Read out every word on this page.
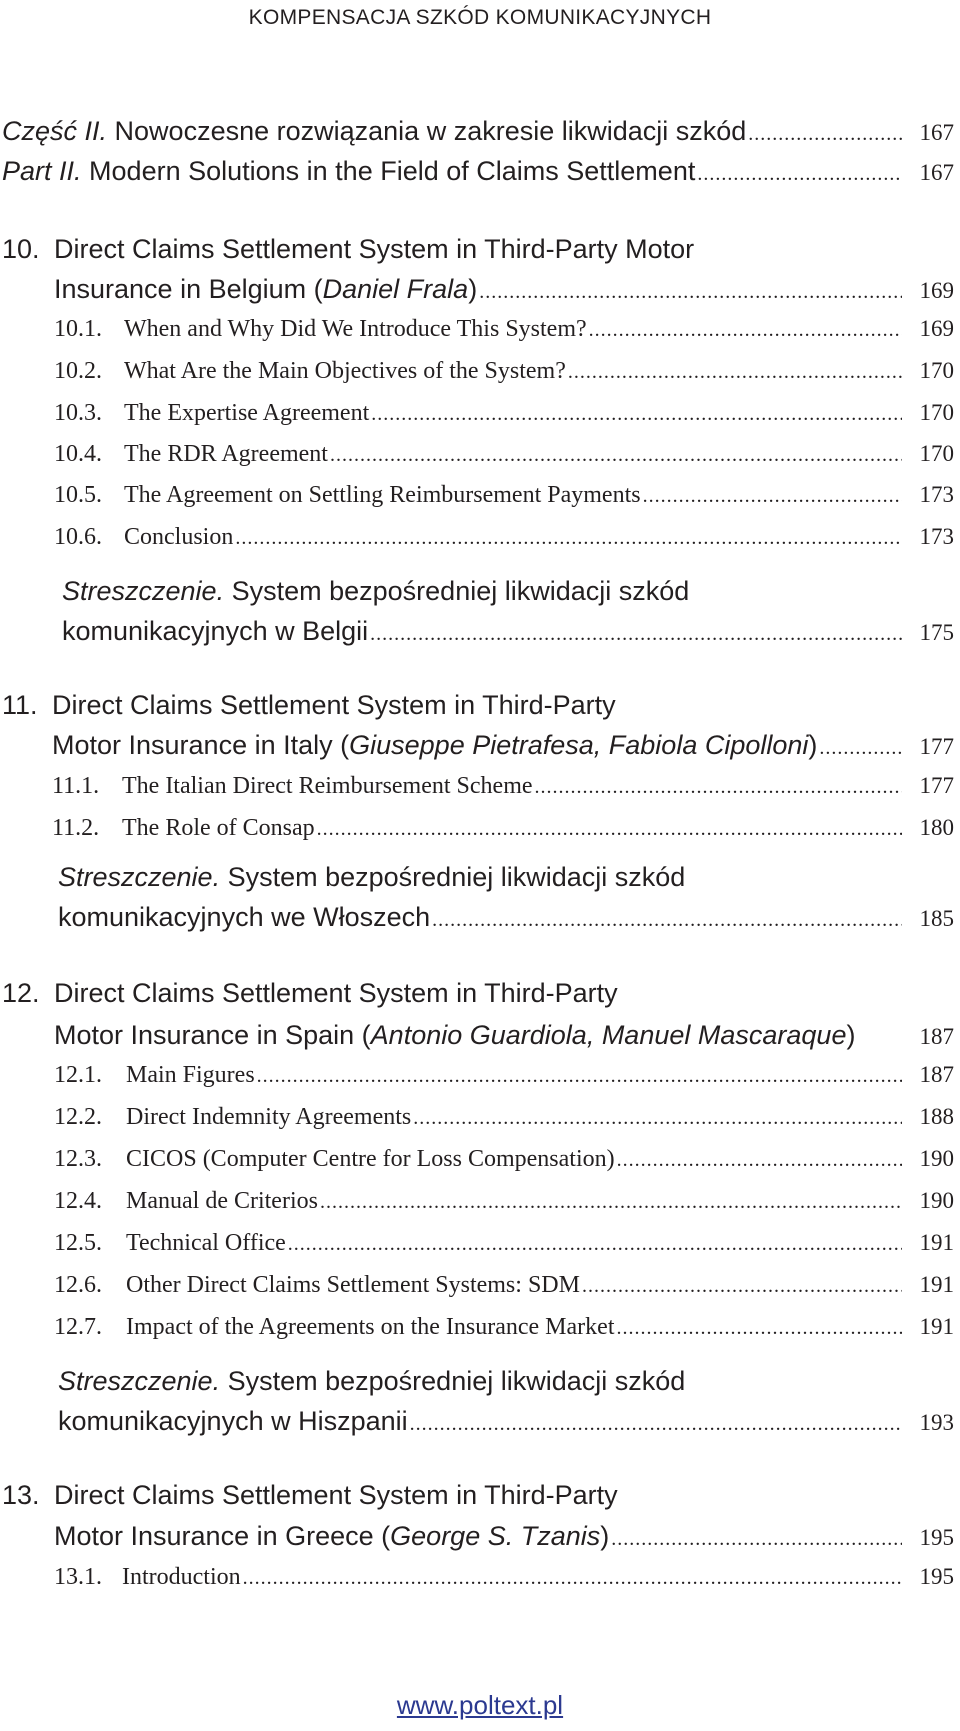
KOMPENSACJA SZKÓD KOMUNIKACYJNYCH
Część II. Nowoczesne rozwiązania w zakresie likwidacji szkód .....	167
Part II. Modern Solutions in the Field of Claims Settlement .....	167
10. Direct Claims Settlement System in Third-Party Motor
Insurance in Belgium (Daniel Frala) .....	169
10.1. When and Why Did We Introduce This System? .....	169
10.2. What Are the Main Objectives of the System? .....	170
10.3. The Expertise Agreement .....	170
10.4. The RDR Agreement .....	170
10.5. The Agreement on Settling Reimbursement Payments .....	173
10.6. Conclusion .....	173
Streszczenie. System bezpośredniej likwidacji szkód
komunikacyjnych w Belgii .....	175
11. Direct Claims Settlement System in Third-Party
Motor Insurance in Italy (Giuseppe Pietrafesa, Fabiola Cipolloni) .....	177
11.1. The Italian Direct Reimbursement Scheme .....	177
11.2. The Role of Consap .....	180
Streszczenie. System bezpośredniej likwidacji szkód
komunikacyjnych we Włoszech .....	185
12. Direct Claims Settlement System in Third-Party
Motor Insurance in Spain (Antonio Guardiola, Manuel Mascaraque)	187
12.1. Main Figures .....	187
12.2. Direct Indemnity Agreements .....	188
12.3. CICOS (Computer Centre for Loss Compensation) .....	190
12.4. Manual de Criterios .....	190
12.5. Technical Office .....	191
12.6. Other Direct Claims Settlement Systems: SDM .....	191
12.7. Impact of the Agreements on the Insurance Market .....	191
Streszczenie. System bezpośredniej likwidacji szkód
komunikacyjnych w Hiszpanii .....	193
13. Direct Claims Settlement System in Third-Party
Motor Insurance in Greece (George S. Tzanis) .....	195
13.1. Introduction .....	195
www.poltext.pl
